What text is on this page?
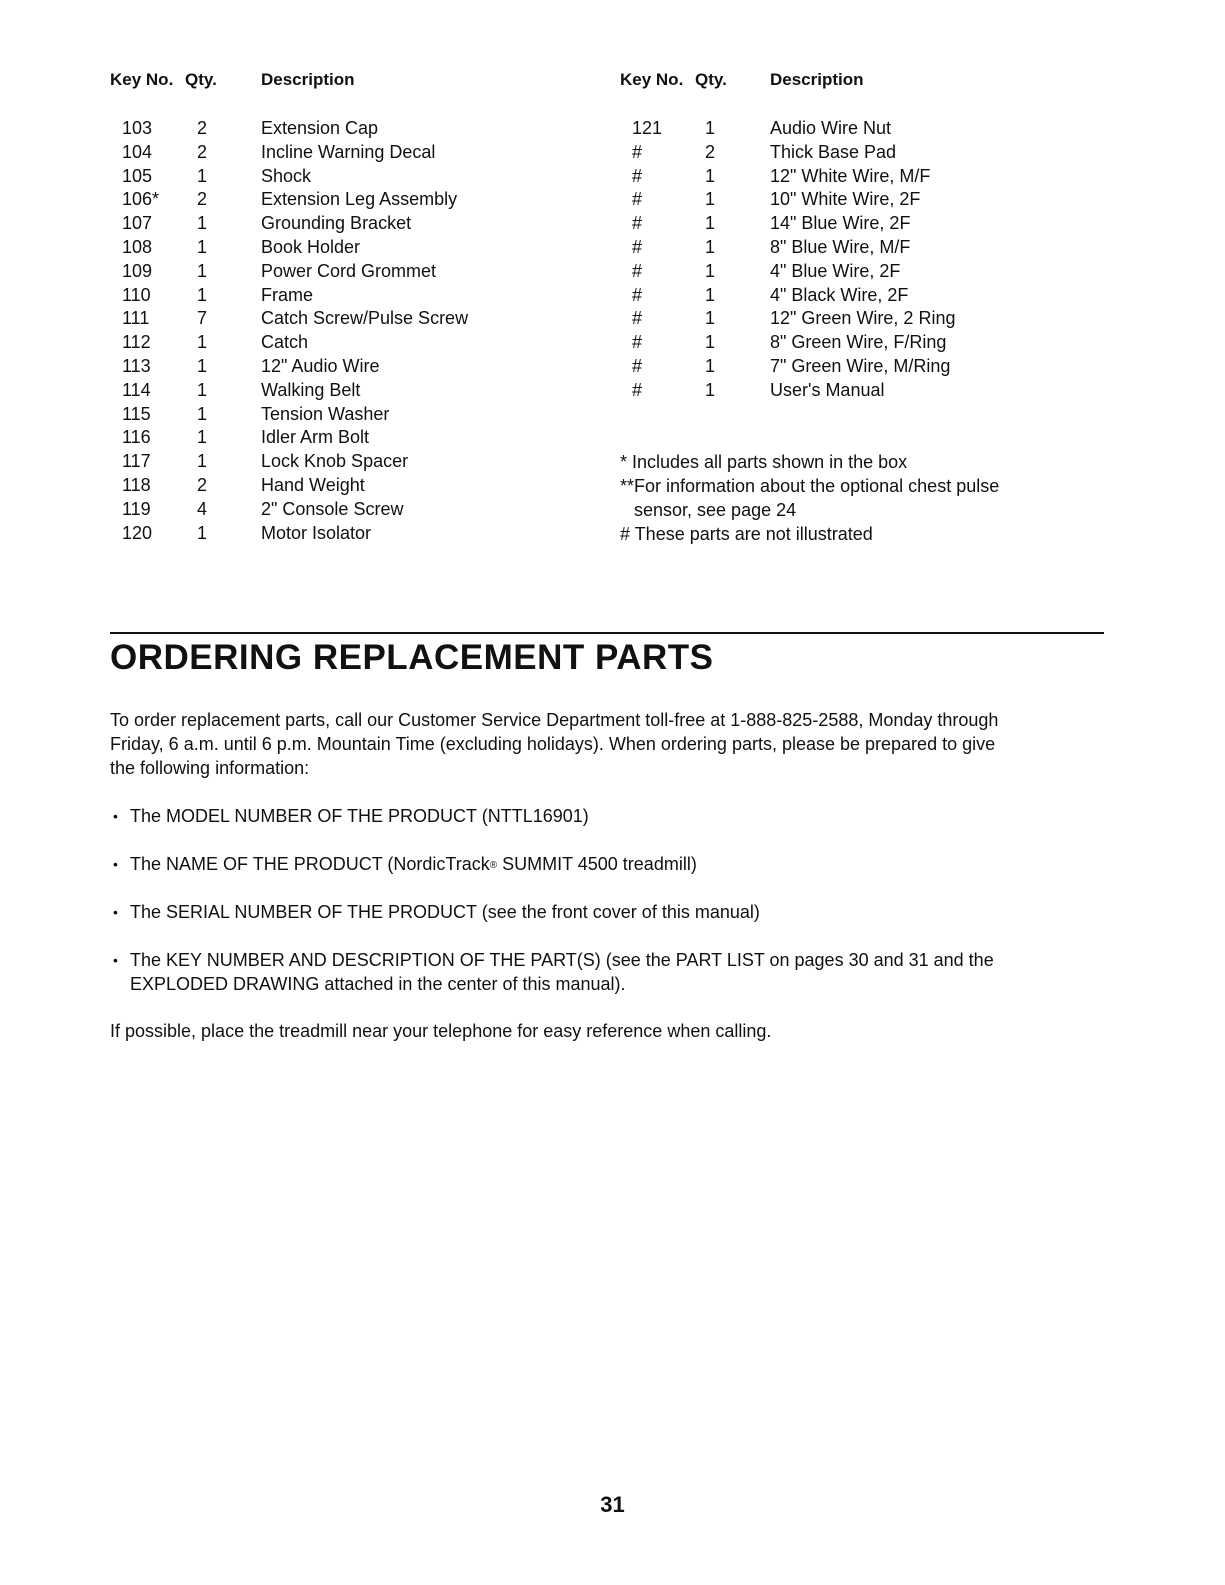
Key No. Qty.	Description
103 2	Extension Cap
104 2	Incline Warning Decal
105 1	Shock
106* 2	Extension Leg Assembly
107 1	Grounding Bracket
108 1	Book Holder
109 1	Power Cord Grommet
110	1	Frame
111	7	Catch Screw/Pulse Screw
112	1	Catch
113	1	12" Audio Wire
114	1	Walking Belt
115	1	Tension Washer
116	1	Idler Arm Bolt
117	1	Lock Knob Spacer
118	2	Hand Weight
119	4	2" Console Screw
120 1	Motor Isolator
Key No. Qty.	Description
121 1	Audio Wire Nut
#	2	Thick Base Pad
#	1	12" White Wire, M/F
#	1	10" White Wire, 2F
#	1	14" Blue Wire, 2F
#	1	8" Blue Wire, M/F
#	1	4" Blue Wire, 2F
#	1	4" Black Wire, 2F
#	1	12" Green Wire, 2 Ring
#	1	8" Green Wire, F/Ring
#	1	7" Green Wire, M/Ring
#	1	User's Manual
* Includes all parts shown in the box
**For information about the optional chest pulse
sensor, see page 24
# These parts are not illustrated
ORDERING REPLACEMENT PARTS
To order replacement parts, call our Customer Service Department toll-free at 1-888-825-2588, Monday through
Friday, 6 a.m. until 6 p.m. Mountain Time (excluding holidays). When ordering parts, please be prepared to give
the following information:
• The MODEL NUMBER OF THE PRODUCT (NTTL16901)
• The NAME OF THE PRODUCT (NordicTrack® SUMMIT 4500 treadmill)
• The SERIAL NUMBER OF THE PRODUCT (see the front cover of this manual)
• The KEY NUMBER AND DESCRIPTION OF THE PART(S) (see the PART LIST on pages 30 and 31 and the
EXPLODED DRAWING attached in the center of this manual).
If possible, place the treadmill near your telephone for easy reference when calling.
31
